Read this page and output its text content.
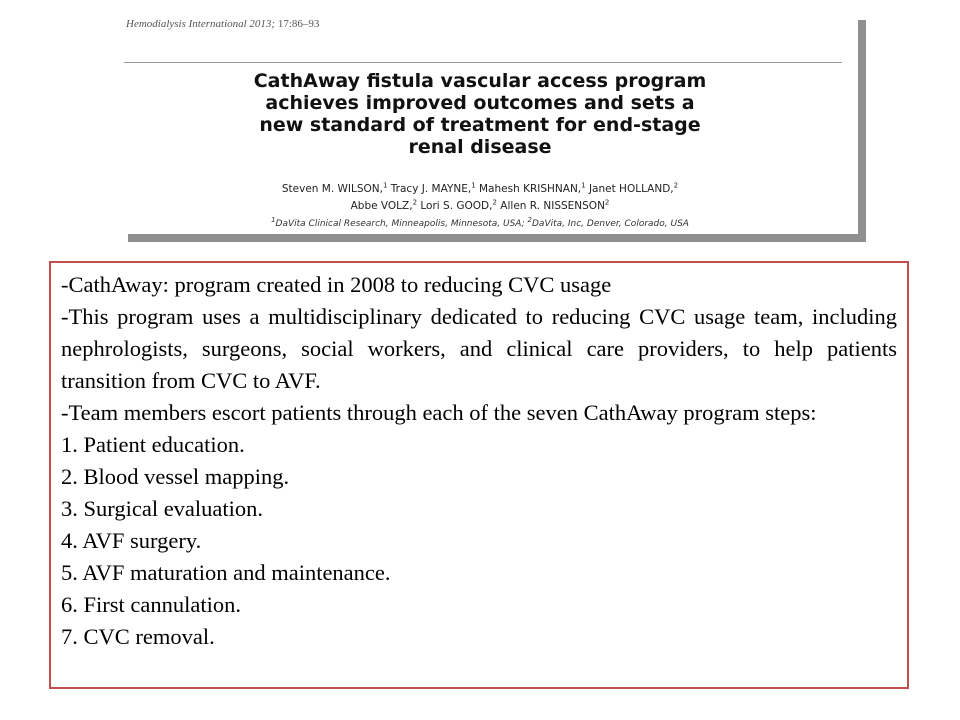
Hemodialysis International 2013; 17:86–93
CathAway fistula vascular access program
achieves improved outcomes and sets a
new standard of treatment for end-stage
renal disease
Steven M. WILSON,$^1$ Tracy J. MAYNE,$^1$ Mahesh KRISHNAN,$^1$ Janet HOLLAND,$^2$
Abbe VOLZ,$^2$ Lori S. GOOD,$^2$ Allen R. NISSENSON$^2$
$^1$DaVita Clinical Research, Minneapolis, Minnesota, USA; $^2$DaVita, Inc, Denver, Colorado, USA

-CathAway: program created in 2008 to reducing CVC usage

-This program uses a multidisciplinary dedicated to reducing CVC usage team, including nephrologists, surgeons, social workers, and clinical care providers, to help patients transition from CVC to AVF.

-Team members escort patients through each of the seven CathAway program steps:

1. Patient education.
2. Blood vessel mapping.
3. Surgical evaluation.
4. AVF surgery.
5. AVF maturation and maintenance.
6. First cannulation.
7. CVC removal.
